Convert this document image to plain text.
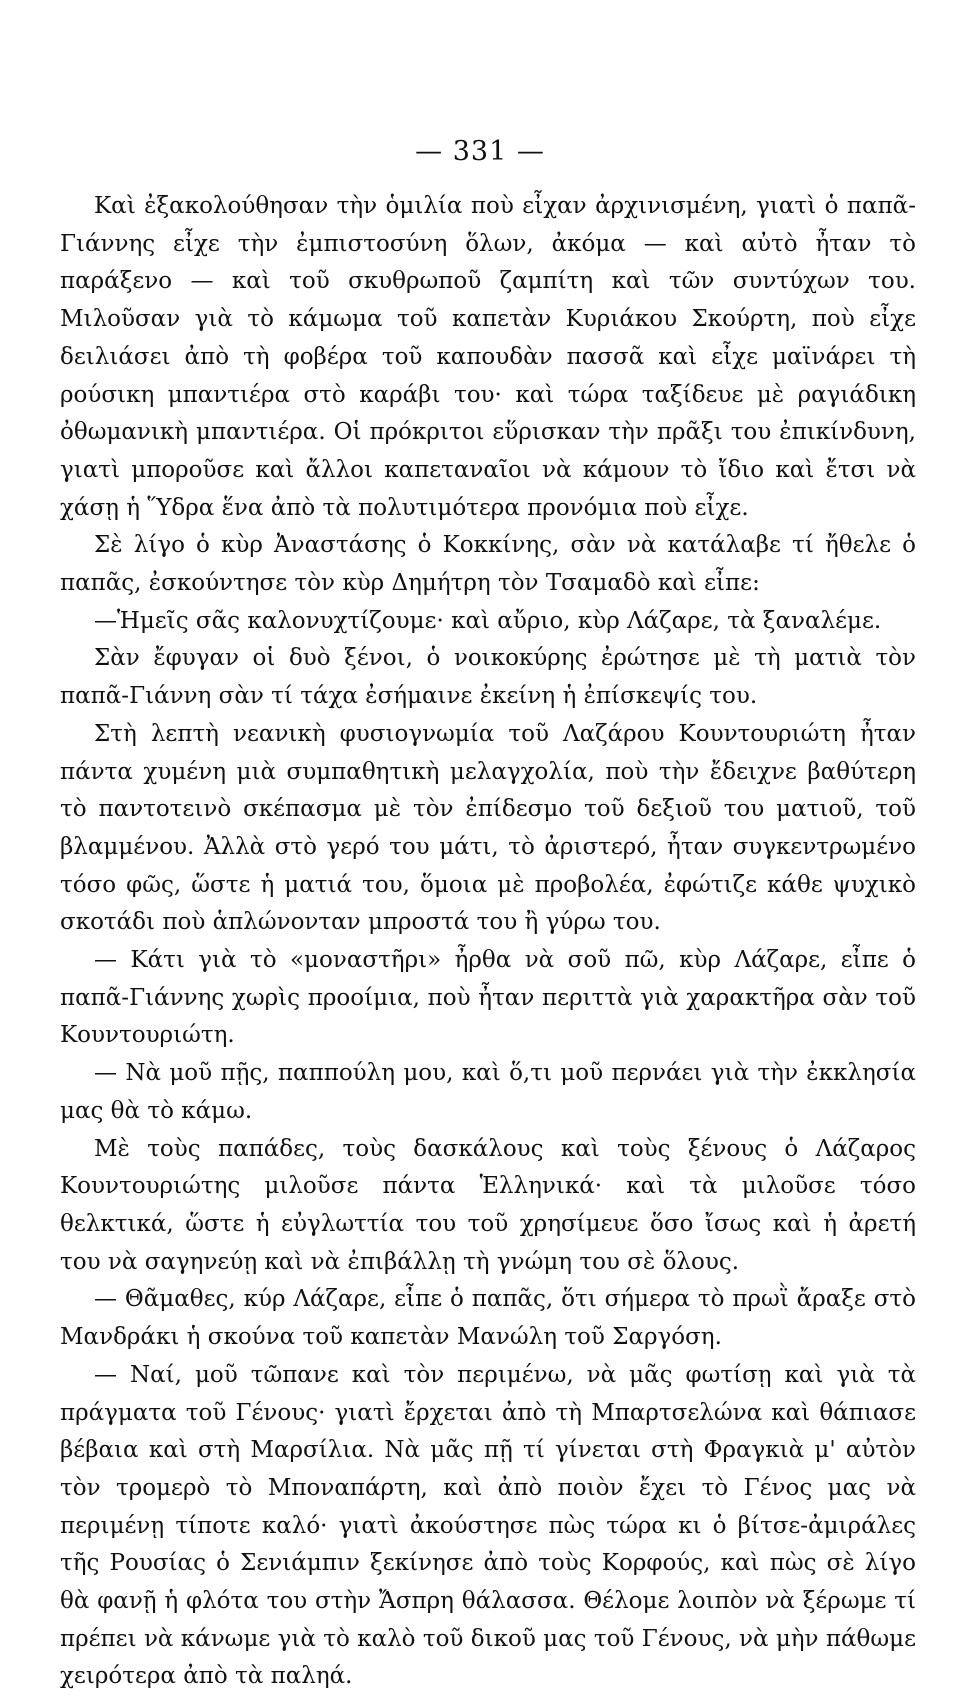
— 331 —

Καὶ ἐξακολούθησαν τὴν ὁμιλία ποὺ εἶχαν ἀρχινισμένη, γιατὶ ὁ παπᾶ-Γιάννης εἶχε τὴν ἐμπιστοσύνη ὅλων, ἀκόμα — καὶ αὐτὸ ἦταν τὸ παράξενο — καὶ τοῦ σκυθρωποῦ ζαμπίτη καὶ τῶν συντύχων του. Μιλοῦσαν γιὰ τὸ κάμωμα τοῦ καπετὰν Κυριάκου Σκούρτη, ποὺ εἶχε δειλιάσει ἀπὸ τὴ φοβέρα τοῦ καπουδὰν πασσᾶ καὶ εἶχε μαϊνάρει τὴ ρούσικη μπαντιέρα στὸ καράβι του· καὶ τώρα ταξίδευε μὲ ραγιάδικη ὀθωμανικὴ μπαντιέρα. Οἱ πρόκριτοι εὕρισκαν τὴν πρᾶξι του ἐπικίνδυνη, γιατὶ μποροῦσε καὶ ἄλλοι καπεταναῖοι νὰ κάμουν τὸ ἴδιο καὶ ἔτσι νὰ χάσῃ ἡ Ὕδρα ἕνα ἀπὸ τὰ πολυτιμότερα προνόμια ποὺ εἶχε.

Σὲ λίγο ὁ κὺρ Ἀναστάσης ὁ Κοκκίνης, σὰν νὰ κατάλαβε τί ἤθελε ὁ παπᾶς, ἐσκούντησε τὸν κὺρ Δημήτρη τὸν Τσαμαδὸ καὶ εἶπε:

—Ἡμεῖς σᾶς καλονυχτίζουμε· καὶ αὔριο, κὺρ Λάζαρε, τὰ ξαναλέμε.

Σὰν ἔφυγαν οἱ δυὸ ξένοι, ὁ νοικοκύρης ἐρώτησε μὲ τὴ ματιὰ τὸν παπᾶ-Γιάννη σὰν τί τάχα ἐσήμαινε ἐκείνη ἡ ἐπίσκεψίς του.

Στὴ λεπτὴ νεανικὴ φυσιογνωμία τοῦ Λαζάρου Κουντουριώτη ἦταν πάντα χυμένη μιὰ συμπαθητικὴ μελαγχολία, ποὺ τὴν ἔδειχνε βαθύτερη τὸ παντοτεινὸ σκέπασμα μὲ τὸν ἐπίδεσμο τοῦ δεξιοῦ του ματιοῦ, τοῦ βλαμμένου. Ἀλλὰ στὸ γερό του μάτι, τὸ ἀριστερό, ἦταν συγκεντρωμένο τόσο φῶς, ὥστε ἡ ματιά του, ὅμοια μὲ προβολέα, ἐφώτιζε κάθε ψυχικὸ σκοτάδι ποὺ ἁπλώνονταν μπροστά του ἢ γύρω του.

— Κάτι γιὰ τὸ «μοναστῆρι» ἦρθα νὰ σοῦ πῶ, κὺρ Λάζαρε, εἶπε ὁ παπᾶ-Γιάννης χωρὶς προοίμια, ποὺ ἦταν περιττὰ γιὰ χαρακτῆρα σὰν τοῦ Κουντουριώτη.

— Νὰ μοῦ πῇς, παππούλη μου, καὶ ὅ,τι μοῦ περνάει γιὰ τὴν ἐκκλησία μας θὰ τὸ κάμω.

Μὲ τοὺς παπάδες, τοὺς δασκάλους καὶ τοὺς ξένους ὁ Λάζαρος Κουντουριώτης μιλοῦσε πάντα Ἑλληνικά· καὶ τὰ μιλοῦσε τόσο θελκτικά, ὥστε ἡ εὐγλωττία του τοῦ χρησίμευε ὅσο ἴσως καὶ ἡ ἀρετή του νὰ σαγηνεύῃ καὶ νὰ ἐπιβάλλῃ τὴ γνώμη του σὲ ὅλους.

— Θᾶμαθες, κύρ Λάζαρε, εἶπε ὁ παπᾶς, ὅτι σήμερα τὸ πρωῒ ἄραξε στὸ Μανδράκι ἡ σκούνα τοῦ καπετὰν Μανώλη τοῦ Σαργόση.

— Ναί, μοῦ τῶπανε καὶ τὸν περιμένω, νὰ μᾶς φωτίσῃ καὶ γιὰ τὰ πράγματα τοῦ Γένους· γιατὶ ἔρχεται ἀπὸ τὴ Μπαρτσελώνα καὶ θάπιασε βέβαια καὶ στὴ Μαρσίλια. Νὰ μᾶς πῇ τί γίνεται στὴ Φραγκιὰ μ' αὐτὸν τὸν τρομερὸ τὸ Μποναπάρτη, καὶ ἀπὸ ποιὸν ἔχει τὸ Γένος μας νὰ περιμένῃ τίποτε καλό· γιατὶ ἀκούστησε πὼς τώρα κι ὁ βίτσε-ἀμιράλες τῆς Ρουσίας ὁ Σενιάμπιν ξεκίνησε ἀπὸ τοὺς Κορφούς, καὶ πὼς σὲ λίγο θὰ φανῇ ἡ φλότα του στὴν Ἄσπρη θάλασσα. Θέλομε λοιπὸν νὰ ξέρωμε τί πρέπει νὰ κάνωμε γιὰ τὸ καλὸ τοῦ δικοῦ μας τοῦ Γένους, νὰ μὴν πάθωμε χειρότερα ἀπὸ τὰ παληά.
